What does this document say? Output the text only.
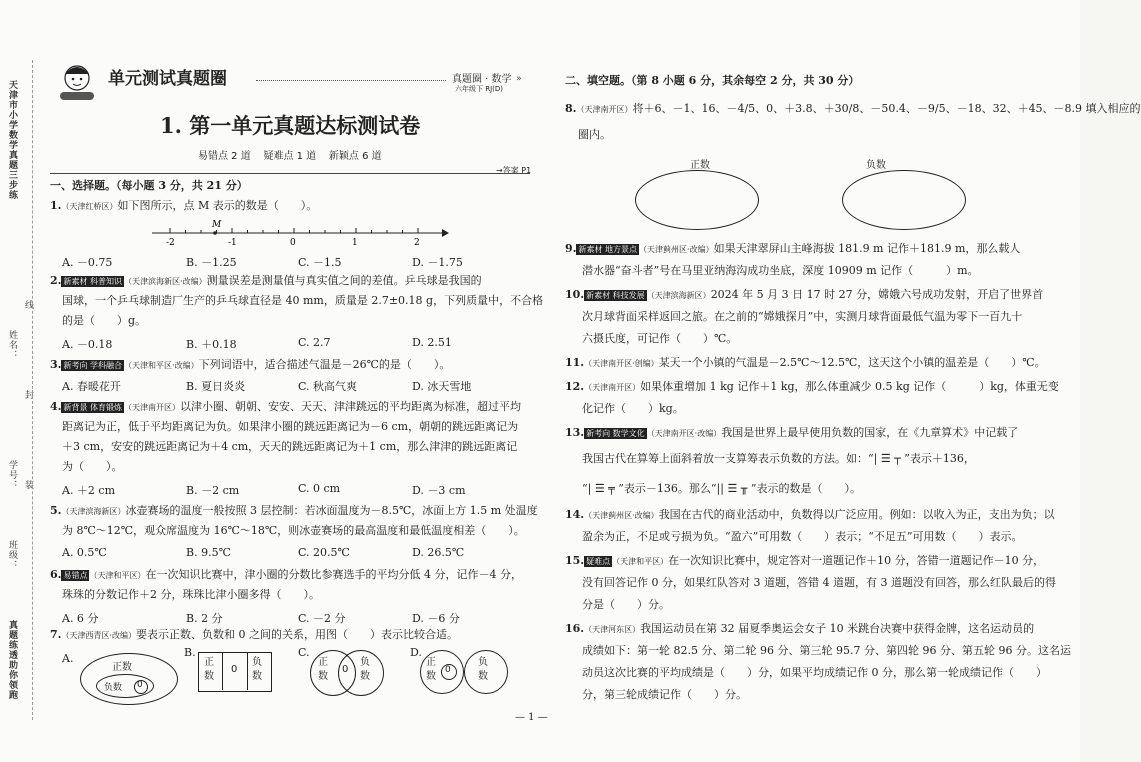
天津市小学数学真题三步练
姓名：
学号：
班级：
线
封
装
真题练透助你领跑
单元测试真题圈	真题圈 · 数学
六年级下 RJ(D)
»
1. 第一单元真题达标测试卷
易错点 2 道 疑难点 1 道 新颖点 6 道
→答案 P1
一、选择题。（每小题 3 分，共 21 分）
1.（天津红桥区）如下图所示，点 M 表示的数是（　　）。
-2	-1	0	1	2
M
A. －0.75	B. －1.25	C. －1.5	D. －1.75
2. 新素材 科普知识 （天津滨海新区·改编）测量误差是测量值与真实值之间的差值。乒乓球是我国的
国球，一个乒乓球制造厂生产的乒乓球直径是 40 mm，质量是 2.7±0.18 g，下列质量中，不合格
的是（　　）g。
A. －0.18	B. ＋0.18	C. 2.7	D. 2.51
3. 新考向 学科融合 （天津和平区·改编）下列词语中，适合描述气温是－26℃的是（　　）。
A. 春暖花开	B. 夏日炎炎	C. 秋高气爽	D. 冰天雪地
4. 新背景 体育锻炼 （天津南开区）以津小圈、朝朝、安安、天天、津津跳远的平均距离为标准，超过平均
距离记为正，低于平均距离记为负。如果津小圈的跳远距离记为－6 cm，朝朝的跳远距离记为
＋3 cm，安安的跳远距离记为＋4 cm，天天的跳远距离记为＋1 cm，那么津津的跳远距离记
为（　　）。
A. ＋2 cm	B. －2 cm	C. 0 cm	D. －3 cm
5.（天津滨海新区）冰壶赛场的温度一般按照 3 层控制：若冰面温度为－8.5℃，冰面上方 1.5 m 处温度
为 8℃～12℃，观众席温度为 16℃～18℃，则冰壶赛场的最高温度和最低温度相差（　　）。
A. 0.5℃	B. 9.5℃	C. 20.5℃	D. 26.5℃
6. 易错点 （天津和平区）在一次知识比赛中，津小圈的分数比参赛选手的平均分低 4 分，记作－4 分，
珠珠的分数记作＋2 分，珠珠比津小圈多得（　　）。
A. 6 分	B. 2 分	C. －2 分	D. －6 分
7.（天津西青区·改编）要表示正数、负数和 0 之间的关系，用图（　　）表示比较合适。
A.
正数
负数 0
B.
正数
0
负数
C.
正数
0
负数
D.
正数
0
负数
二、填空题。（第 8 小题 6 分，其余每空 2 分，共 30 分）
8.（天津南开区）将＋6、－1、16、－4/5、0、＋3.8、＋30/8、－50.4、－9/5、－18、32、＋45、－8.9 填入相应的
圈内。
正数	负数
9. 新素材 地方景点 （天津蓟州区·改编）如果天津翠屏山主峰海拔 181.9 m 记作＋181.9 m，那么载人
潜水器“奋斗者”号在马里亚纳海沟成功坐底，深度 10909 m 记作（　　　）m。
10. 新素材 科技发展 （天津滨海新区）2024 年 5 月 3 日 17 时 27 分，嫦娥六号成功发射，开启了世界首
次月球背面采样返回之旅。在之前的“嫦娥探月”中，实测月球背面最低气温为零下一百九十
六摄氏度，可记作（　　）℃。
11.（天津南开区·创编）某天一个小镇的气温是－2.5℃～12.5℃，这天这个小镇的温差是（　　）℃。
12.（天津南开区）如果体重增加 1 kg 记作＋1 kg，那么体重减少 0.5 kg 记作（　　　）kg，体重无变
化记作（　　）kg。
13. 新考向 数学文化 （天津南开区·改编）我国是世界上最早使用负数的国家，在《九章算术》中记载了
我国古代在算筹上面斜着放一支算筹表示负数的方法。如：“| ☰ ┬ ”表示＋136，
“| ☰ ╤ ”表示－136。那么“|| ☰ ╥ ”表示的数是（　　）。
14.（天津蓟州区·改编）我国在古代的商业活动中，负数得以广泛应用。例如：以收入为正，支出为负；以
盈余为正，不足或亏损为负。“盈六”可用数（　　）表示；“不足五”可用数（　　）表示。
15. 疑难点 （天津和平区）在一次知识比赛中，规定答对一道题记作＋10 分，答错一道题记作－10 分，
没有回答记作 0 分，如果红队答对 3 道题，答错 4 道题，有 3 道题没有回答，那么红队最后的得
分是（　　）分。
16.（天津河东区）我国运动员在第 32 届夏季奥运会女子 10 米跳台决赛中获得金牌，这名运动员的
成绩如下：第一轮 82.5 分、第二轮 96 分、第三轮 95.7 分、第四轮 96 分、第五轮 96 分。这名运
动员这次比赛的平均成绩是（　　）分，如果平均成绩记作 0 分，那么第一轮成绩记作（　　）
分，第三轮成绩记作（　　）分。
— 1 —
